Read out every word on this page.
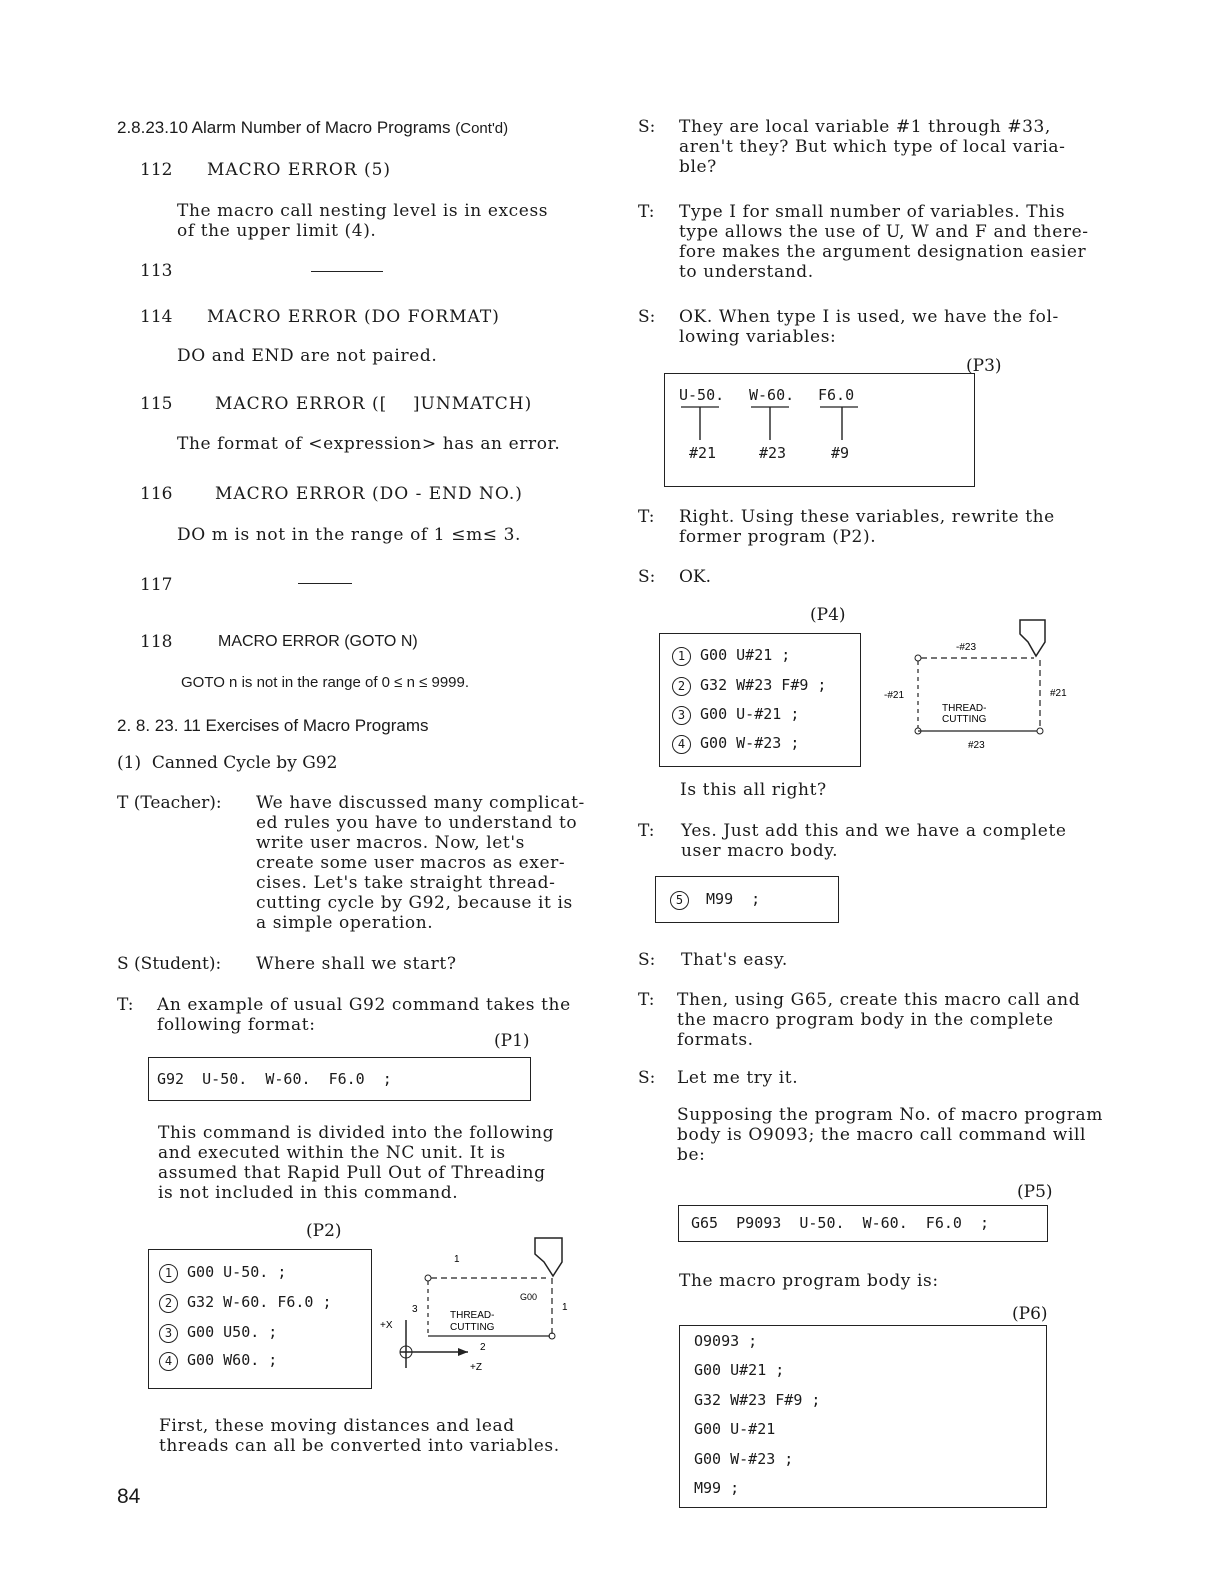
2.8.23.10 Alarm Number of Macro Programs (Cont'd)
112 MACRO ERROR (5)
The macro call nesting level is in excess
of the upper limit (4).
113
114 MACRO ERROR (DO FORMAT)
DO and END are not paired.
115	MACRO ERROR ([    ]UNMATCH)
The format of <expression> has an error.
116	MACRO ERROR (DO - END NO.)
DO m is not in the range of 1 ≤m≤ 3.
117
118	MACRO ERROR (GOTO N)
GOTO n is not in the range of 0 ≤ n ≤ 9999.
2. 8. 23. 11 Exercises of Macro Programs
(1)  Canned Cycle by G92
T (Teacher): We have discussed many complicat-
ed rules you have to understand to
write user macros. Now, let's
create some user macros as exer-
cises. Let's take straight thread-
cutting cycle by G92, because it is
a simple operation.
S (Student): Where shall we start?
T: An example of usual G92 command takes the
following format:
(P1)
G92  U-50.  W-60.  F6.0  ;
This command is divided into the following
and executed within the NC unit. It is
assumed that Rapid Pull Out of Threading
is not included in this command.
(P2)
1 G00 U-50. ;
2 G32 W-60. F6.0 ;
3 G00 U50. ;
4 G00 W60. ;
1
G00
1
3
2
THREAD-
CUTTING
+X
+Z
First, these moving distances and lead
threads can all be converted into variables.
84
S: They are local variable #1 through #33,
aren't they? But which type of local varia-
ble?
T: Type I for small number of variables. This
type allows the use of U, W and F and there-
fore makes the argument designation easier
to understand.
S: OK. When type I is used, we have the fol-
lowing variables:
(P3)
U-50. W-60. F6.0
#21	#23	#9
T: Right. Using these variables, rewrite the
former program (P2).
S: OK.
(P4)
1 G00 U#21 ;
2 G32 W#23 F#9 ;
3 G00 U-#21 ;
4 G00 W-#23 ;
-#23
-#21	#21
#23
THREAD-
CUTTING
Is this all right?
T: Yes. Just add this and we have a complete
user macro body.
5 M99  ;
S: That's easy.
T: Then, using G65, create this macro call and
the macro program body in the complete
formats.
S: Let me try it.
Supposing the program No. of macro program
body is O9093; the macro call command will
be:
(P5)
G65  P9093  U-50.  W-60.  F6.0  ;
The macro program body is:
(P6)
O9093 ;
G00 U#21 ;
G32 W#23 F#9 ;
G00 U-#21
G00 W-#23 ;
M99 ;
